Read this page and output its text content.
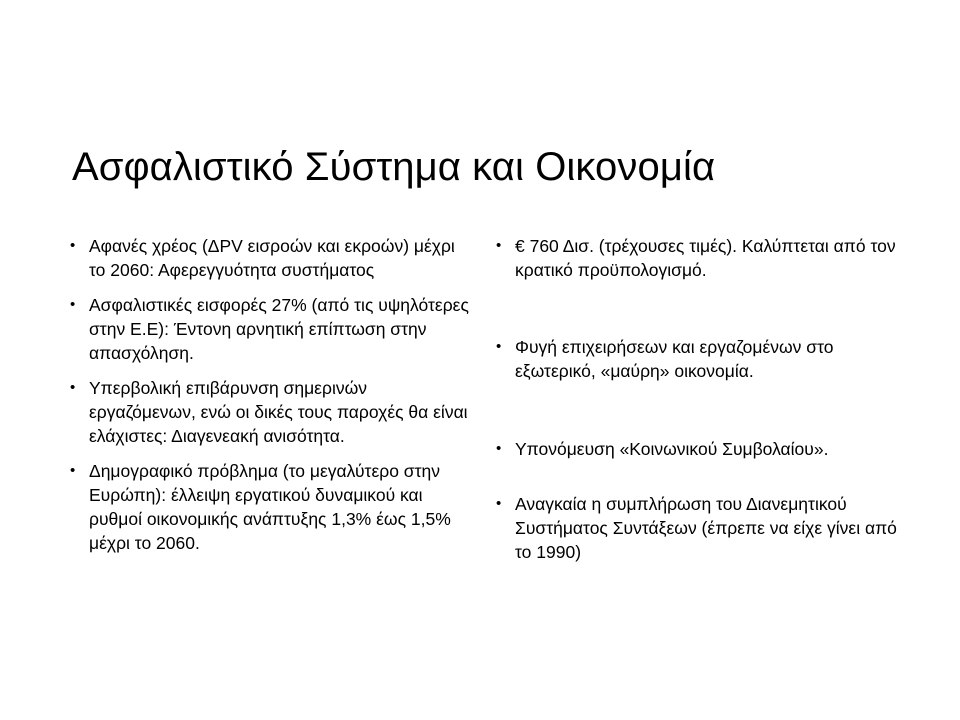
Ασφαλιστικό Σύστημα και Οικονομία
• Αφανές χρέος (ΔPV εισροών και εκροών) μέχρι το 2060: Αφερεγγυότητα συστήματος
• Ασφαλιστικές εισφορές 27% (από τις υψηλότερες στην Ε.Ε): Έντονη αρνητική επίπτωση στην απασχόληση.
• Υπερβολική επιβάρυνση σημερινών εργαζόμενων, ενώ οι δικές τους παροχές θα είναι ελάχιστες: Διαγενεακή ανισότητα.
• Δημογραφικό πρόβλημα (το μεγαλύτερο στην Ευρώπη): έλλειψη εργατικού δυναμικού και ρυθμοί οικονομικής ανάπτυξης 1,3% έως 1,5% μέχρι το 2060.
• € 760 Δισ. (τρέχουσες τιμές). Καλύπτεται από τον κρατικό προϋπολογισμό.
• Φυγή επιχειρήσεων και εργαζομένων στο εξωτερικό, «μαύρη» οικονομία.
• Υπονόμευση «Κοινωνικού Συμβολαίου».
• Αναγκαία η συμπλήρωση του Διανεμητικού Συστήματος Συντάξεων (έπρεπε να είχε γίνει από το 1990)
